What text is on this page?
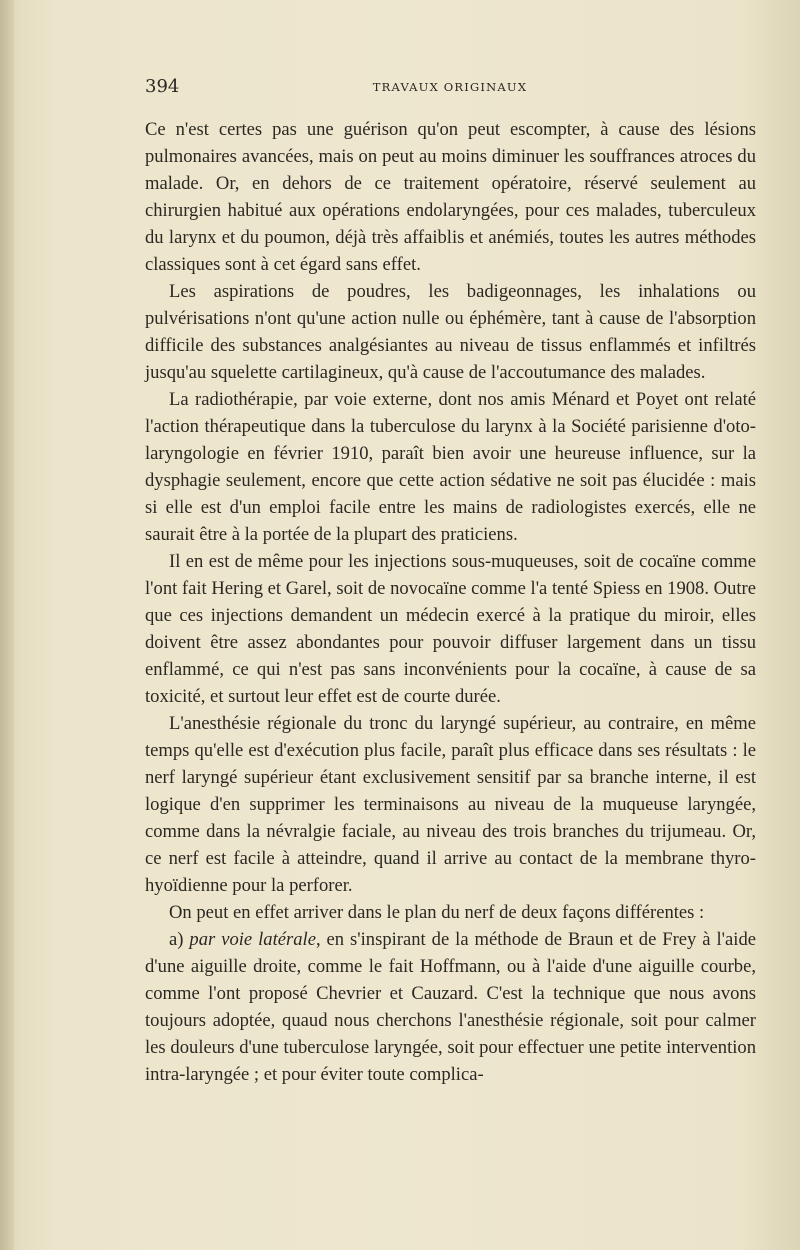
394	TRAVAUX ORIGINAUX

Ce n'est certes pas une guérison qu'on peut escompter, à cause des lésions pulmonaires avancées, mais on peut au moins diminuer les souffrances atroces du malade. Or, en dehors de ce traitement opératoire, réservé seulement au chirurgien habitué aux opérations endolaryngées, pour ces malades, tuberculeux du larynx et du poumon, déjà très affaiblis et anémiés, toutes les autres méthodes classiques sont à cet égard sans effet.

Les aspirations de poudres, les badigeonnages, les inhalations ou pulvérisations n'ont qu'une action nulle ou éphémère, tant à cause de l'absorption difficile des substances analgésiantes au niveau de tissus enflammés et infiltrés jusqu'au squelette cartilagineux, qu'à cause de l'accoutumance des malades.

La radiothérapie, par voie externe, dont nos amis Ménard et Poyet ont relaté l'action thérapeutique dans la tuberculose du larynx à la Société parisienne d'oto-laryngologie en février 1910, paraît bien avoir une heureuse influence, sur la dysphagie seulement, encore que cette action sédative ne soit pas élucidée : mais si elle est d'un emploi facile entre les mains de radiologistes exercés, elle ne saurait être à la portée de la plupart des praticiens.

Il en est de même pour les injections sous-muqueuses, soit de cocaïne comme l'ont fait Hering et Garel, soit de novocaïne comme l'a tenté Spiess en 1908. Outre que ces injections demandent un médecin exercé à la pratique du miroir, elles doivent être assez abondantes pour pouvoir diffuser largement dans un tissu enflammé, ce qui n'est pas sans inconvénients pour la cocaïne, à cause de sa toxicité, et surtout leur effet est de courte durée.

L'anesthésie régionale du tronc du laryngé supérieur, au contraire, en même temps qu'elle est d'exécution plus facile, paraît plus efficace dans ses résultats : le nerf laryngé supérieur étant exclusivement sensitif par sa branche interne, il est logique d'en supprimer les terminaisons au niveau de la muqueuse laryngée, comme dans la névralgie faciale, au niveau des trois branches du trijumeau. Or, ce nerf est facile à atteindre, quand il arrive au contact de la membrane thyro-hyoïdienne pour la perforer.

On peut en effet arriver dans le plan du nerf de deux façons différentes :

a) par voie latérale, en s'inspirant de la méthode de Braun et de Frey à l'aide d'une aiguille droite, comme le fait Hoffmann, ou à l'aide d'une aiguille courbe, comme l'ont proposé Chevrier et Cauzard. C'est la technique que nous avons toujours adoptée, quaud nous cherchons l'anesthésie régionale, soit pour calmer les douleurs d'une tuberculose laryngée, soit pour effectuer une petite intervention intra-laryngée ; et pour éviter toute complica-
